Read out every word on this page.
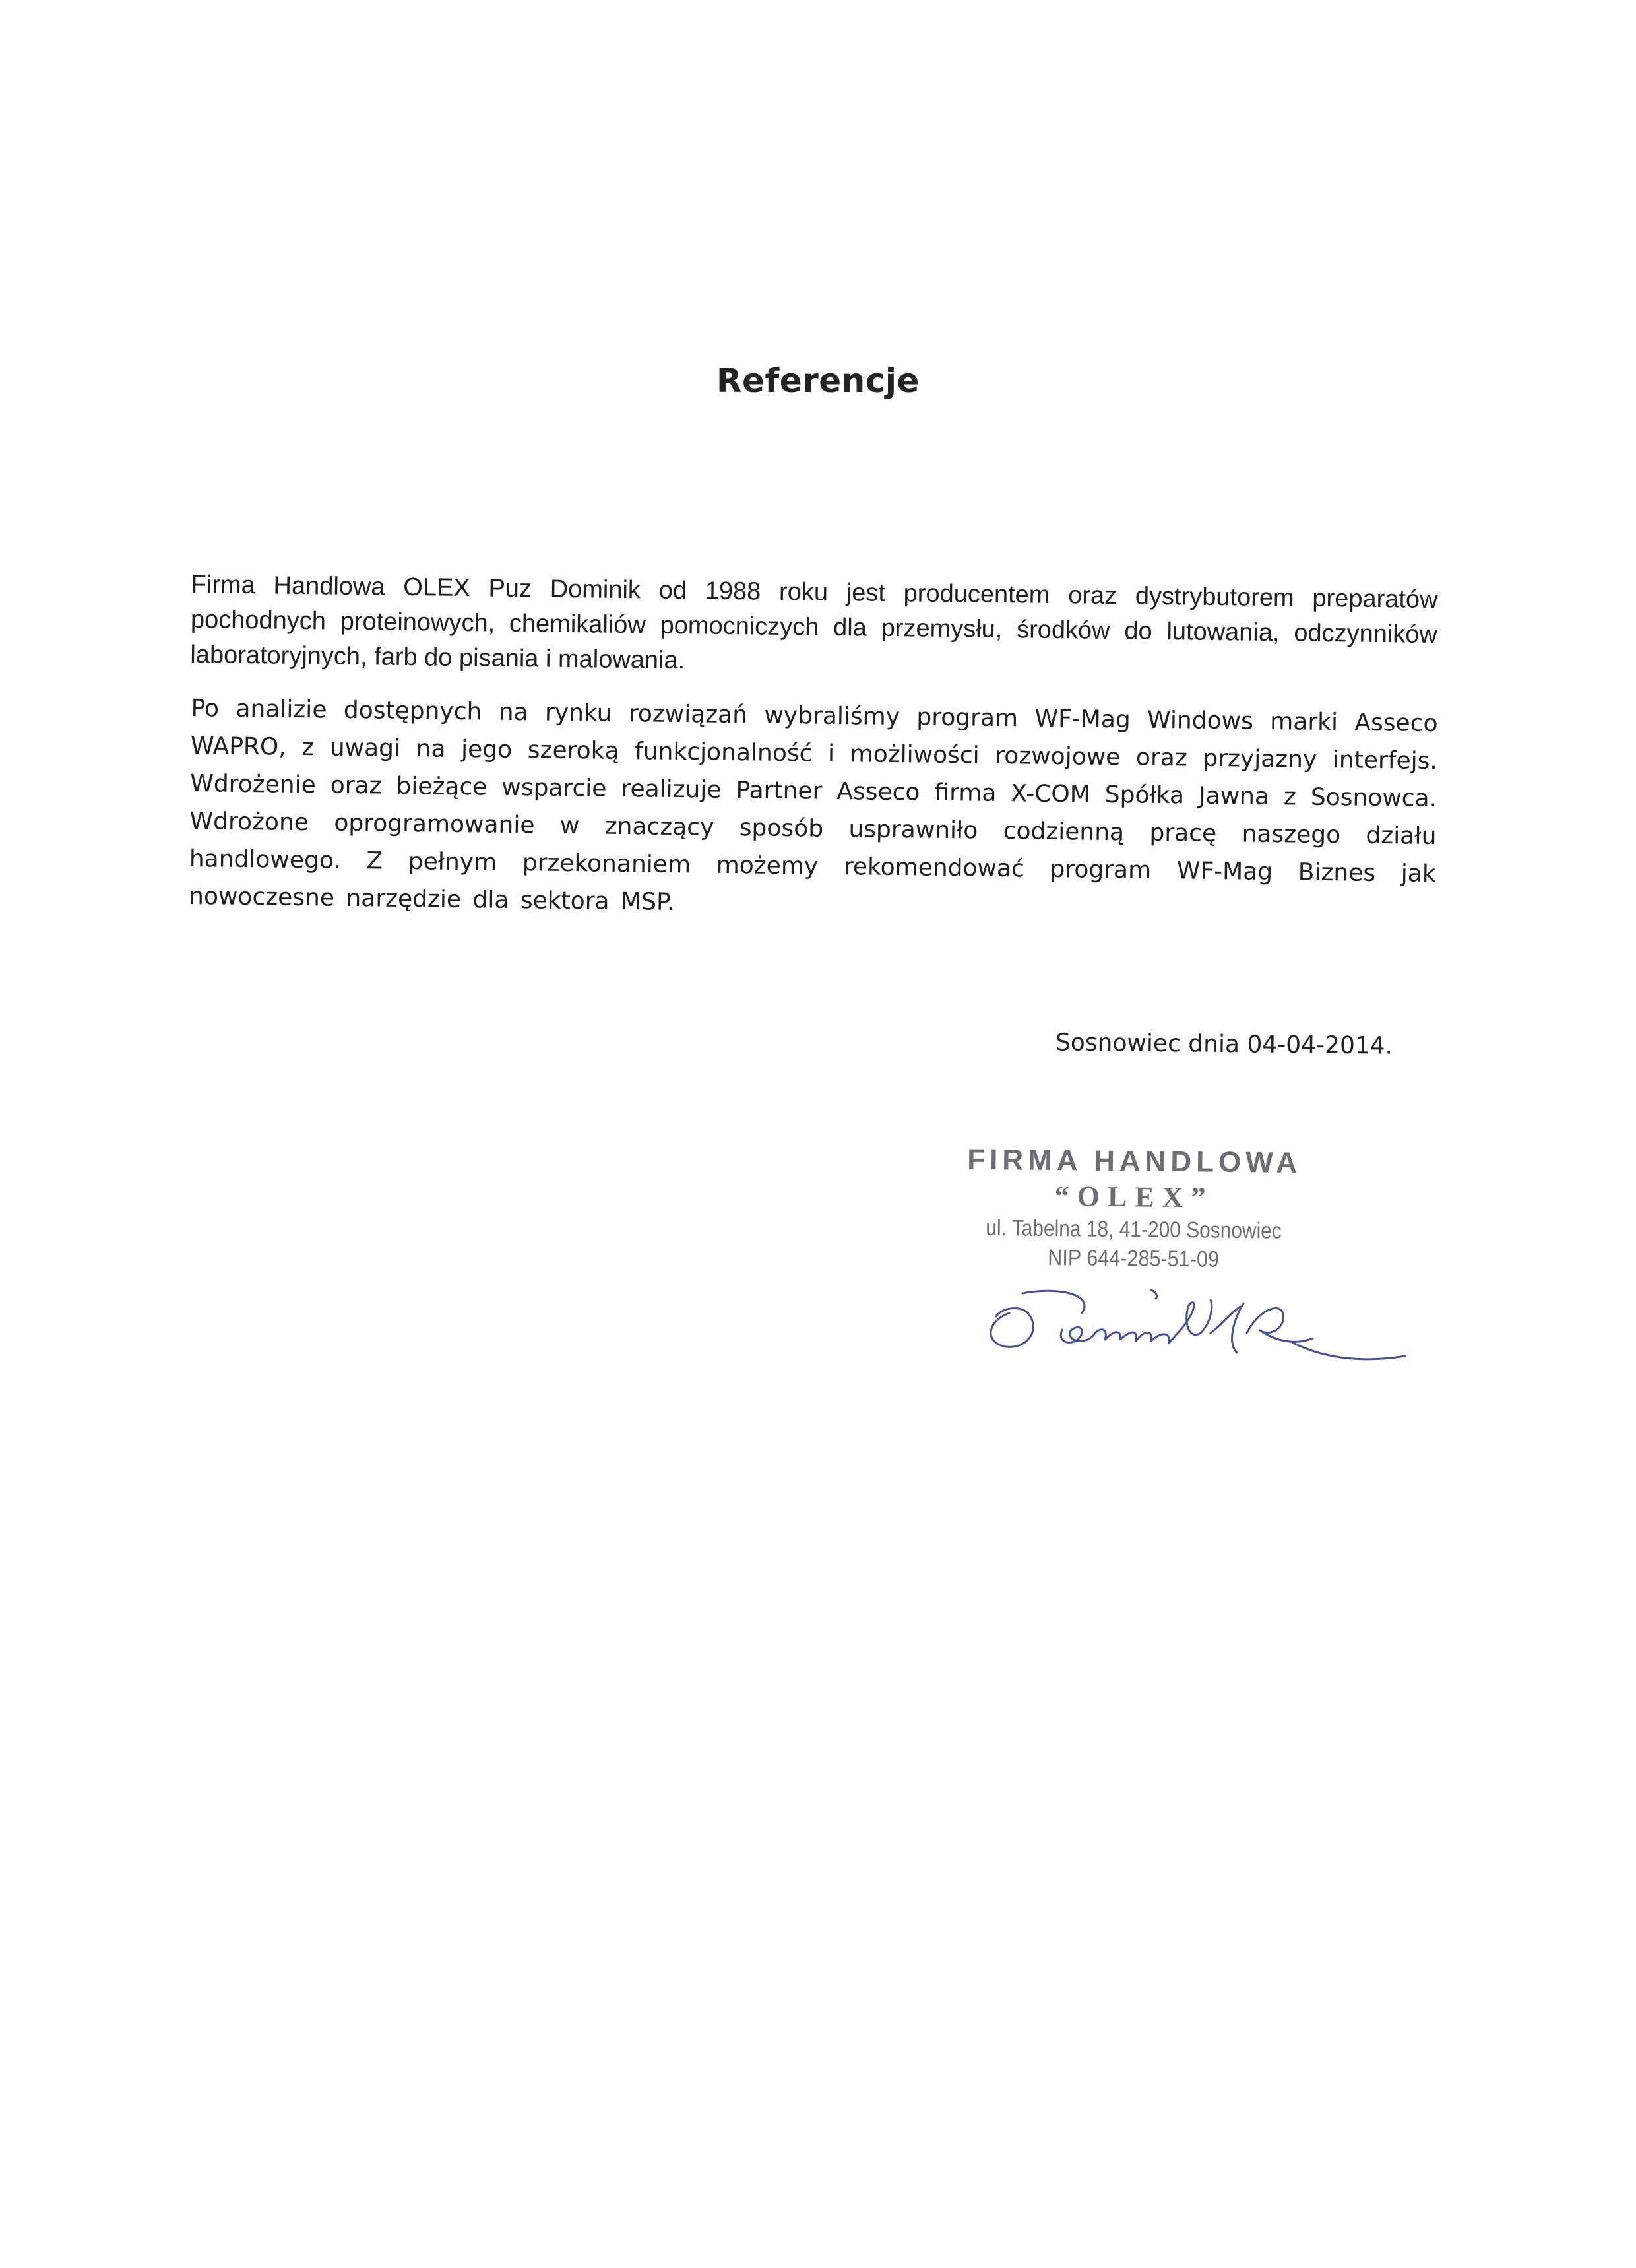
Referencje
Firma Handlowa OLEX Puz Dominik od 1988 roku jest producentem oraz dystrybutorem preparatów pochodnych proteinowych, chemikaliów pomocniczych dla przemysłu, środków do lutowania, odczynników laboratoryjnych, farb do pisania i malowania.
Po analizie dostępnych na rynku rozwiązań wybraliśmy program WF-Mag Windows marki Asseco WAPRO, z uwagi na jego szeroką funkcjonalność i możliwości rozwojowe oraz przyjazny interfejs. Wdrożenie oraz bieżące wsparcie realizuje Partner Asseco firma X-COM Spółka Jawna z Sosnowca. Wdrożone oprogramowanie w znaczący sposób usprawniło codzienną pracę naszego działu handlowego. Z pełnym przekonaniem możemy rekomendować program WF-Mag Biznes jak nowoczesne narzędzie dla sektora MSP.
Sosnowiec dnia 04-04-2014.
FIRMA HANDLOWA
“OLEX”
ul. Tabelna 18, 41-200 Sosnowiec
NIP 644-285-51-09
